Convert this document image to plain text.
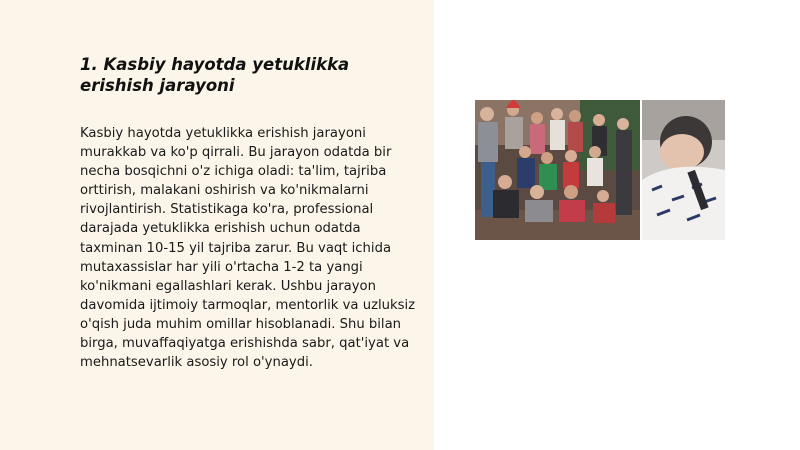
1. Kasbiy hayotda yetuklikka erishish jarayoni

Kasbiy hayotda yetuklikka erishish jarayoni murakkab va ko'p qirrali. Bu jarayon odatda bir necha bosqichni o'z ichiga oladi: ta'lim, tajriba orttirish, malakani oshirish va ko'nikmalarni rivojlantirish. Statistikaga ko'ra, professional darajada yetuklikka erishish uchun odatda taxminan 10-15 yil tajriba zarur. Bu vaqt ichida mutaxassislar har yili o'rtacha 1-2 ta yangi ko'nikmani egallashlari kerak. Ushbu jarayon davomida ijtimoiy tarmoqlar, mentorlik va uzluksiz o'qish juda muhim omillar hisoblanadi. Shu bilan birga, muvaffaqiyatga erishishda sabr, qat'iyat va mehnatsevarlik asosiy rol o'ynaydi.
